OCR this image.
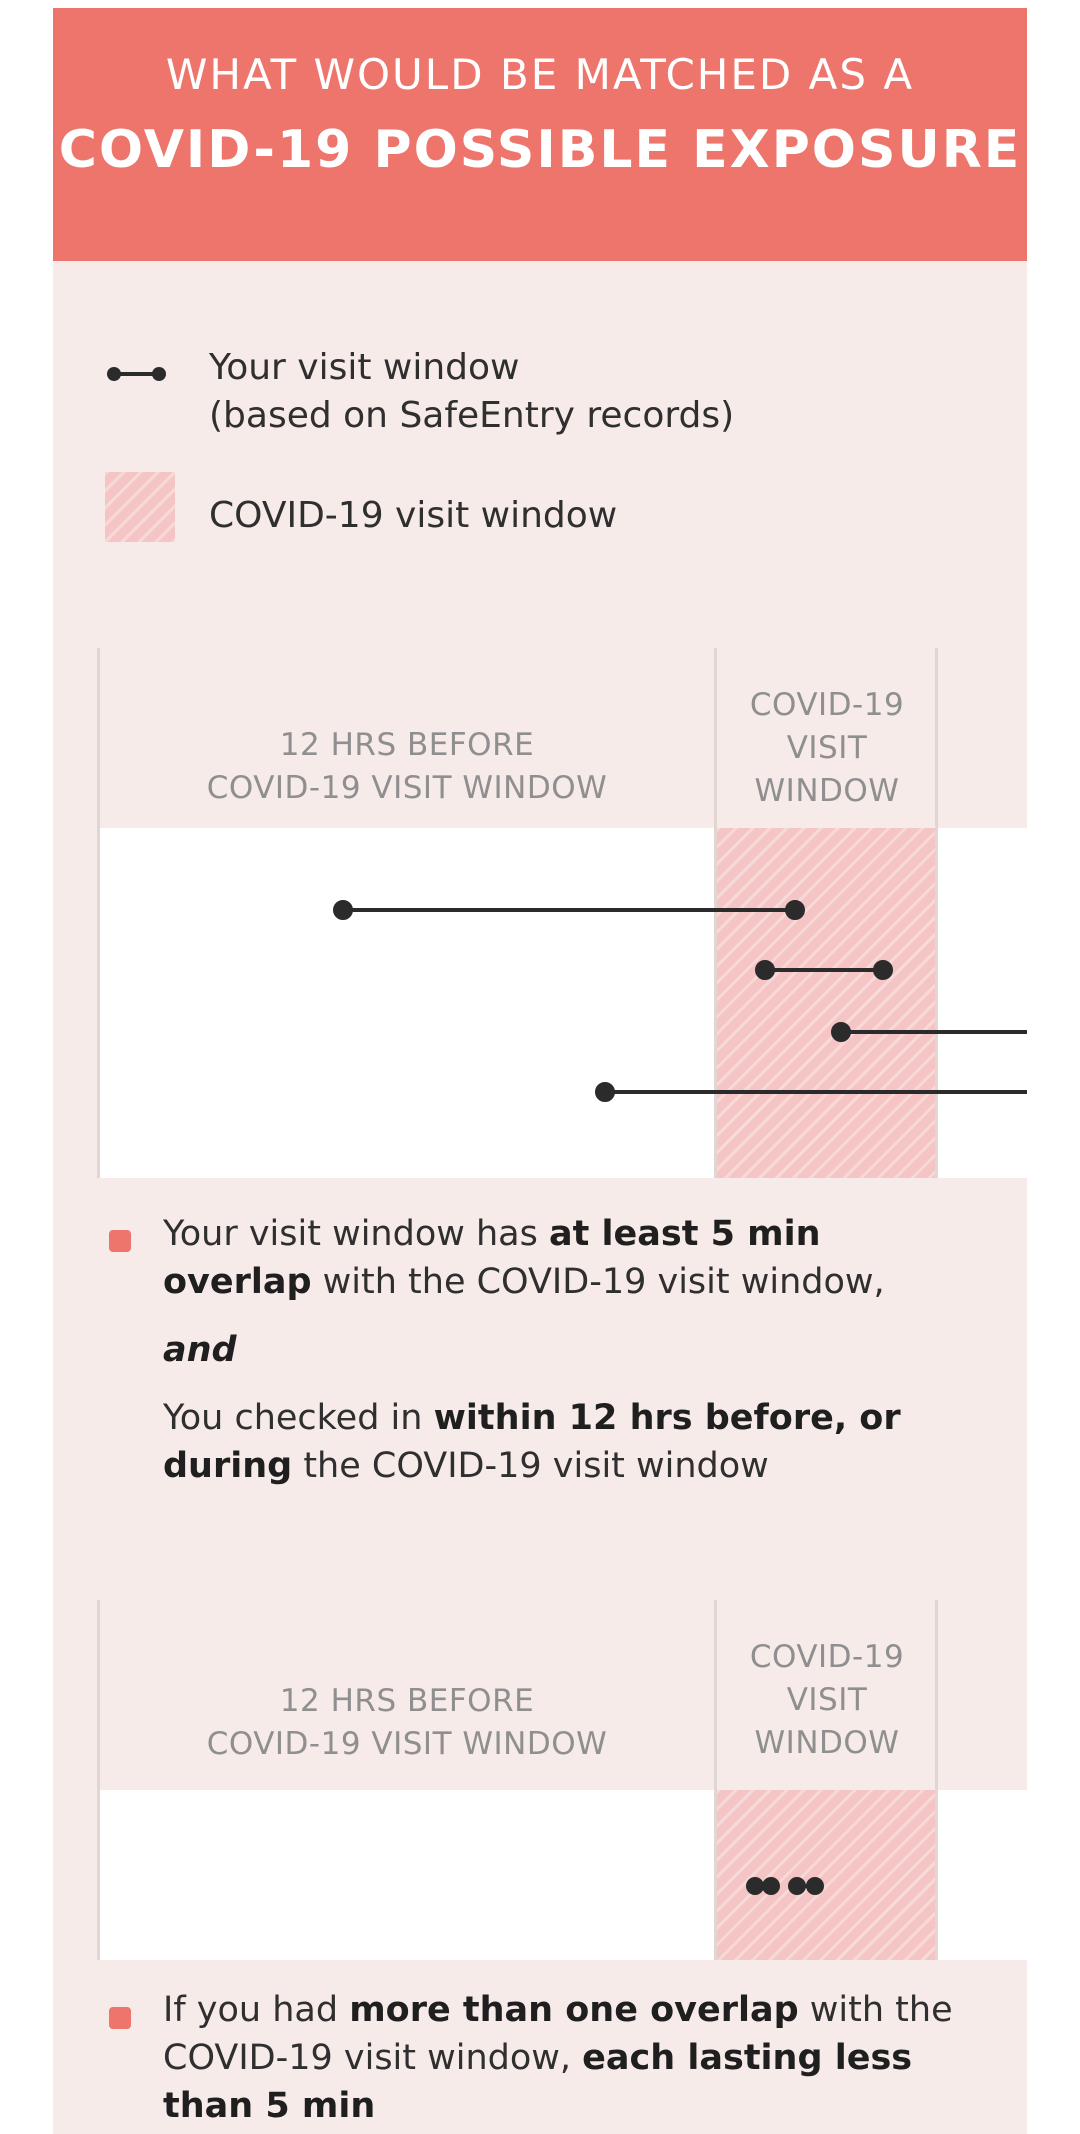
WHAT WOULD BE MATCHED AS A
COVID-19 POSSIBLE EXPOSURE
Your visit window
(based on SafeEntry records)
COVID-19 visit window
12 HRS BEFORE
COVID-19 VISIT WINDOW
COVID-19
VISIT
WINDOW
Your visit window has at least 5 min
overlap with the COVID-19 visit window,
and
You checked in within 12 hrs before, or
during the COVID-19 visit window
12 HRS BEFORE
COVID-19 VISIT WINDOW
COVID-19
VISIT
WINDOW
If you had more than one overlap with the
COVID-19 visit window, each lasting less
than 5 min
